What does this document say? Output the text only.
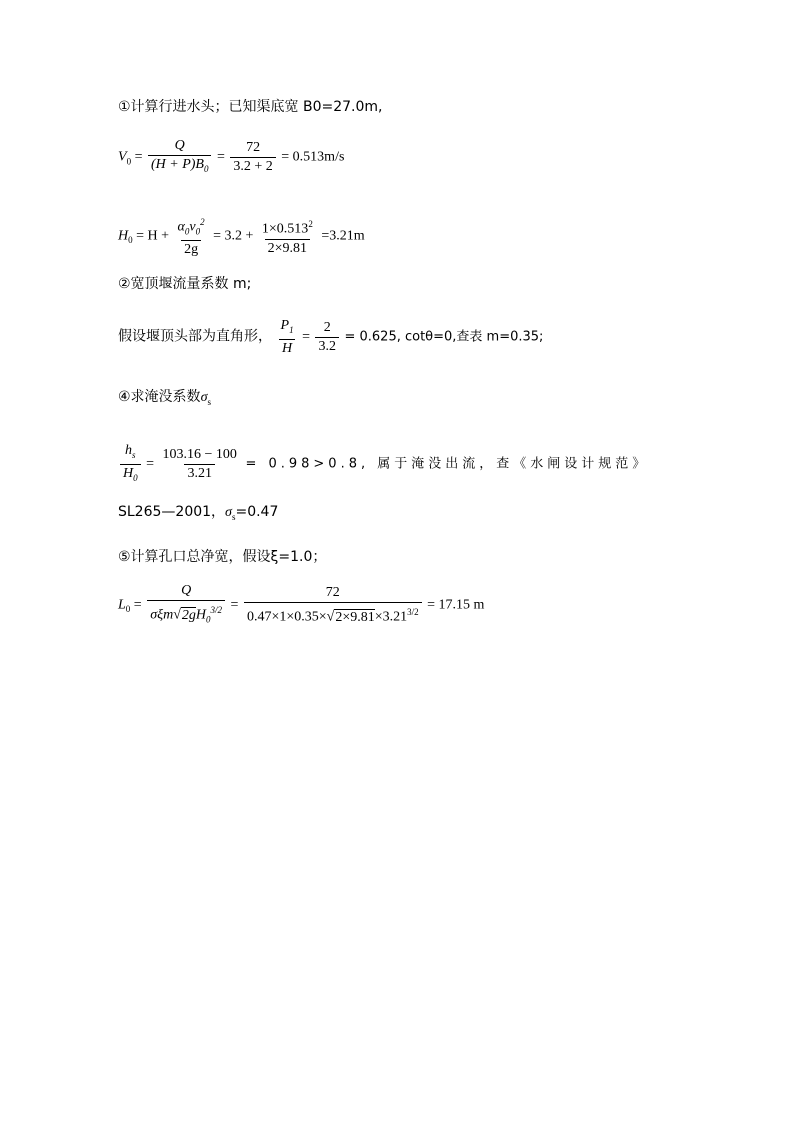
①计算行进水头；已知渠底宽 B0=27.0m,
$V_0 = \frac{Q}{(H + P)B_0} = \frac{72}{3.2 + 2} = 0.513m/s$
$H_0 = H + \frac{\alpha_0v_0^2}{2g} = 3.2 + \frac{1\times 0.513^2}{2\times 9.81} =3.21m$
②宽顶堰流量系数 m;
假设堰顶头部为直角形， $\frac{P_1}{H} = \frac{2}{3.2} = 0.625$, cotθ=0,查表 m=0.35;
④求淹没系数$\sigma_s$
$\frac{h_s}{H_0} = \frac{103.16 - 100}{3.21} = 0.98>0.8$, 属于淹没出流，查《水闸设计规范》
SL265—2001，$\sigma_s=0.47$
⑤计算孔口总净宽，假设ξ=1.0；
$L_0 = \frac{Q}{\sigma\xi m√2gH_0^{3/2}} = \frac{72}{0.47\times 1\times 0.35\times√2\times 9.81\times 3.21^{3/2}} = 17.15$ m
